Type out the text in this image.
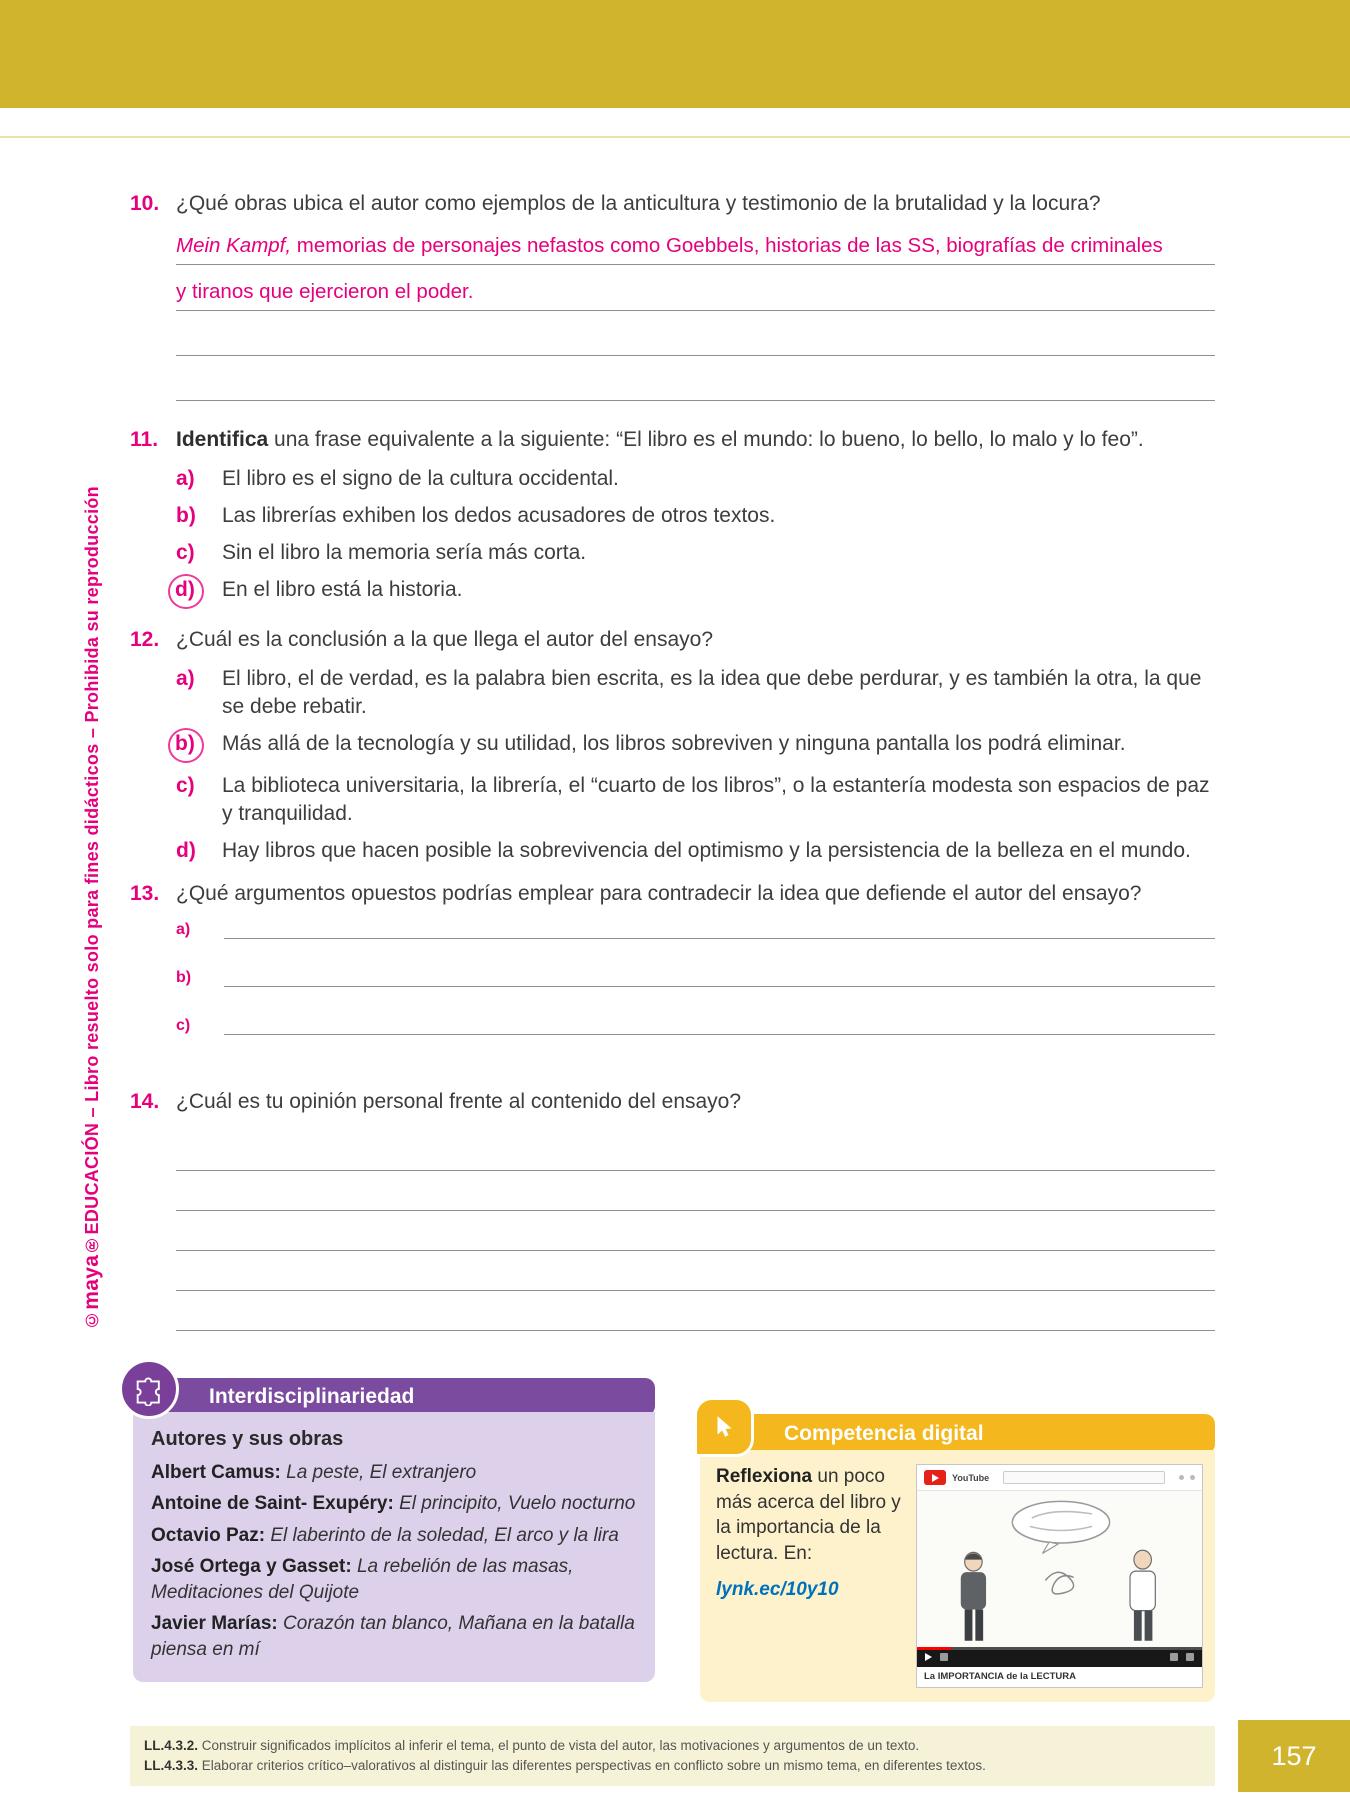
©maya®EDUCACIÓN – Libro resuelto solo para fines didácticos – Prohibida su reproducción
10. ¿Qué obras ubica el autor como ejemplos de la anticultura y testimonio de la brutalidad y la locura?
Mein Kampf, memorias de personajes nefastos como Goebbels, historias de las SS, biografías de criminales
y tiranos que ejercieron el poder.
11. Identifica una frase equivalente a la siguiente: “El libro es el mundo: lo bueno, lo bello, lo malo y lo feo”.
a)	El libro es el signo de la cultura occidental.
b)	Las librerías exhiben los dedos acusadores de otros textos.
c)	Sin el libro la memoria sería más corta.
d)	En el libro está la historia.
12. ¿Cuál es la conclusión a la que llega el autor del ensayo?
a)	El libro, el de verdad, es la palabra bien escrita, es la idea que debe perdurar, y es también la otra, la que se debe rebatir.
b)	Más allá de la tecnología y su utilidad, los libros sobreviven y ninguna pantalla los podrá eliminar.
c)	La biblioteca universitaria, la librería, el “cuarto de los libros”, o la estantería modesta son espacios de paz y tranquilidad.
d)	Hay libros que hacen posible la sobrevivencia del optimismo y la persistencia de la belleza en el mundo.
13. ¿Qué argumentos opuestos podrías emplear para contradecir la idea que defiende el autor del ensayo?
a)
b)
c)
14. ¿Cuál es tu opinión personal frente al contenido del ensayo?
Interdisciplinariedad
Autores y sus obras
Albert Camus: La peste, El extranjero
Antoine de Saint- Exupéry: El principito, Vuelo nocturno
Octavio Paz: El laberinto de la soledad, El arco y la lira
José Ortega y Gasset: La rebelión de las masas, Meditaciones del Quijote
Javier Marías: Corazón tan blanco, Mañana en la batalla piensa en mí
Competencia digital

Reflexiona un poco más acerca del libro y la importancia de la lectura. En:

lynk.ec/10y10
YouTube
La IMPORTANCIA de la LECTURA
LL.4.3.2. Construir significados implícitos al inferir el tema, el punto de vista del autor, las motivaciones y argumentos de un texto.
LL.4.3.3. Elaborar criterios crítico–valorativos al distinguir las diferentes perspectivas en conflicto sobre un mismo tema, en diferentes textos.	157
